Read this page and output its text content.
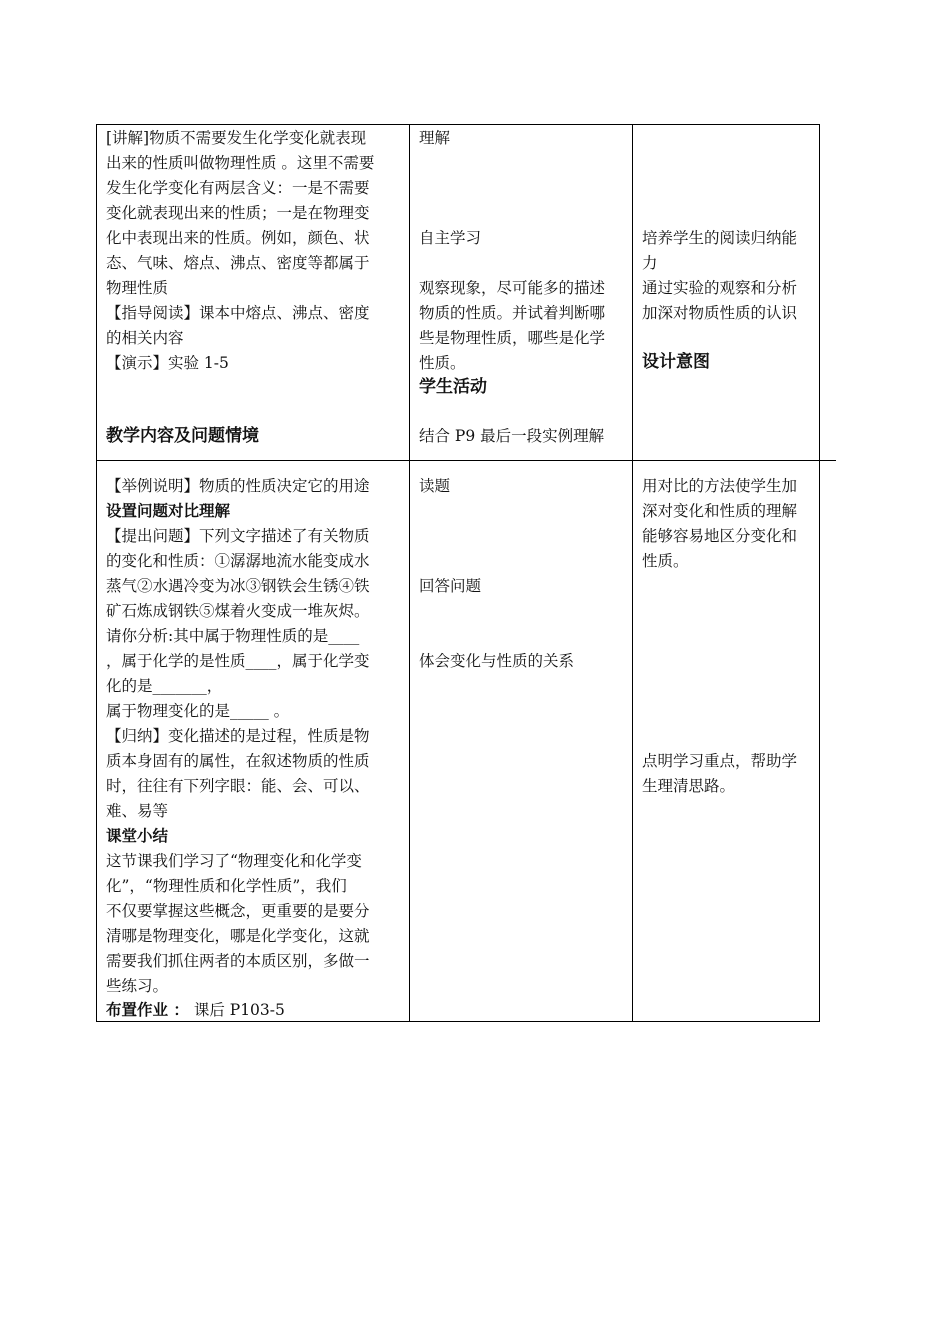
[讲解]物质不需要发生化学变化就表现
出来的性质叫做物理性质 。这里不需要
发生化学变化有两层含义：一是不需要
变化就表现出来的性质；一是在物理变
化中表现出来的性质。例如，颜色、状
态、气味、熔点、沸点、密度等都属于
物理性质
【指导阅读】课本中熔点、沸点、密度
的相关内容
【演示】实验 1-5
教学内容及问题情境
理解
自主学习
观察现象，尽可能多的描述
物质的性质。并试着判断哪
些是物理性质，哪些是化学
性质。
学生活动
结合 P9 最后一段实例理解
培养学生的阅读归纳能
力
通过实验的观察和分析
加深对物质性质的认识
设计意图
【举例说明】物质的性质决定它的用途
设置问题对比理解
【提出问题】下列文字描述了有关物质
的变化和性质：①潺潺地流水能变成水
蒸气②水遇冷变为冰③钢铁会生锈④铁
矿石炼成钢铁⑤煤着火变成一堆灰烬。
请你分析:其中属于物理性质的是____
，属于化学的是性质____，属于化学变
化的是_______，
属于物理变化的是_____ 。
【归纳】变化描述的是过程，性质是物
质本身固有的属性，在叙述物质的性质
时，往往有下列字眼：能、会、可以、
难、易等
课堂小结
这节课我们学习了“物理变化和化学变
化”，“物理性质和化学性质”，我们
不仅要掌握这些概念，更重要的是要分
清哪是物理变化，哪是化学变化，这就
需要我们抓住两者的本质区别，多做一
些练习。
布置作业 ： 课后 P103-5
读题
回答问题
体会变化与性质的关系
用对比的方法使学生加
深对变化和性质的理解
能够容易地区分变化和
性质。
点明学习重点，帮助学
生理清思路。
